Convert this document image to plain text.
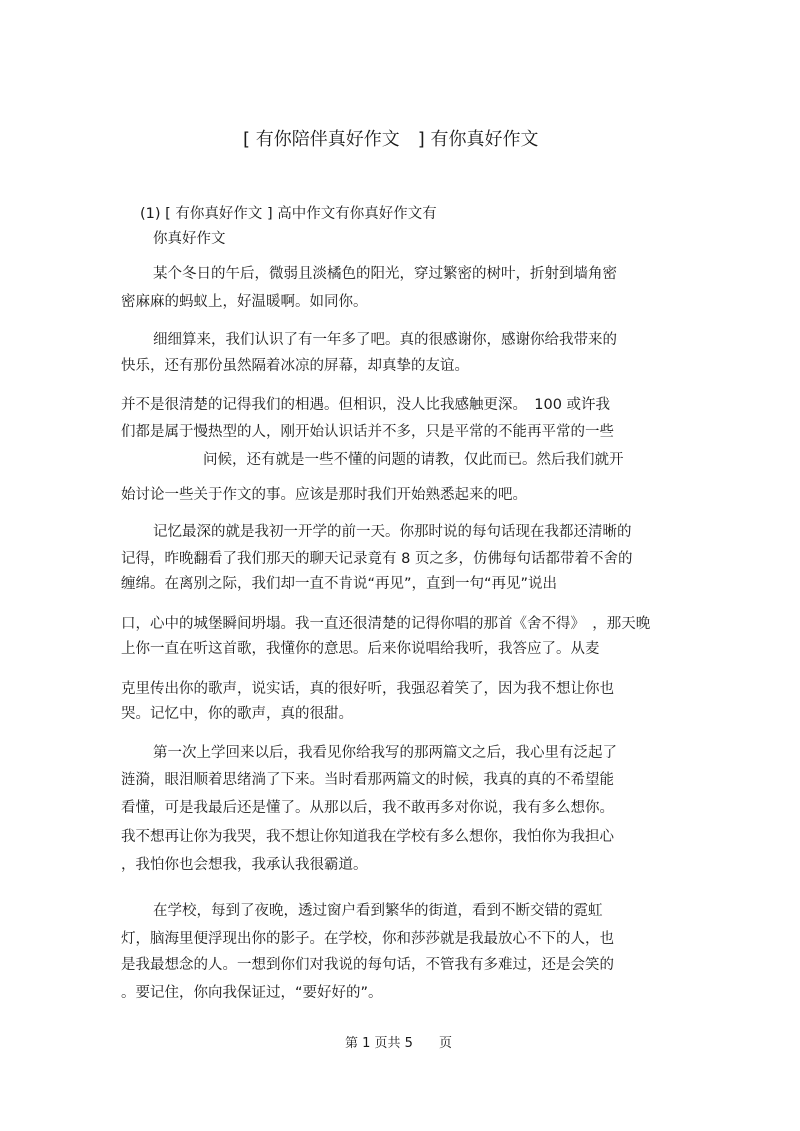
[ 有你陪伴真好作文　] 有你真好作文
(1) [ 有你真好作文 ] 高中作文有你真好作文有
你真好作文
某个冬日的午后，微弱且淡橘色的阳光，穿过繁密的树叶，折射到墙角密
密麻麻的蚂蚁上，好温暖啊。如同你。
细细算来，我们认识了有一年多了吧。真的很感谢你，感谢你给我带来的
快乐，还有那份虽然隔着冰凉的屏幕，却真挚的友谊。
并不是很清楚的记得我们的相遇。但相识，没人比我感触更深。　100 或许我
们都是属于慢热型的人，刚开始认识话并不多，只是平常的不能再平常的一些
问候，还有就是一些不懂的问题的请教，仅此而已。然后我们就开
始讨论一些关于作文的事。应该是那时我们开始熟悉起来的吧。
记忆最深的就是我初一开学的前一天。你那时说的每句话现在我都还清晰的
记得，昨晚翻看了我们那天的聊天记录竟有 8 页之多，仿佛每句话都带着不舍的
缠绵。在离别之际，我们却一直不肯说“再见”，直到一句“再见”说出
口，心中的城堡瞬间坍塌。我一直还很清楚的记得你唱的那首《舍不得》　，那天晚
上你一直在听这首歌，我懂你的意思。后来你说唱给我听，我答应了。从麦
克里传出你的歌声，说实话，真的很好听，我强忍着笑了，因为我不想让你也
哭。记忆中，你的歌声，真的很甜。
第一次上学回来以后，我看见你给我写的那两篇文之后，我心里有泛起了
涟漪，眼泪顺着思绪淌了下来。当时看那两篇文的时候，我真的真的不希望能
看懂，可是我最后还是懂了。从那以后，我不敢再多对你说，我有多么想你。
我不想再让你为我哭，我不想让你知道我在学校有多么想你，我怕你为我担心
，我怕你也会想我，我承认我很霸道。
在学校，每到了夜晚，透过窗户看到繁华的街道，看到不断交错的霓虹
灯，脑海里便浮现出你的影子。在学校，你和莎莎就是我最放心不下的人，也
是我最想念的人。一想到你们对我说的每句话，不管我有多难过，还是会笑的
。要记住，你向我保证过，“要好好的”。
第 1 页共 5　　页
